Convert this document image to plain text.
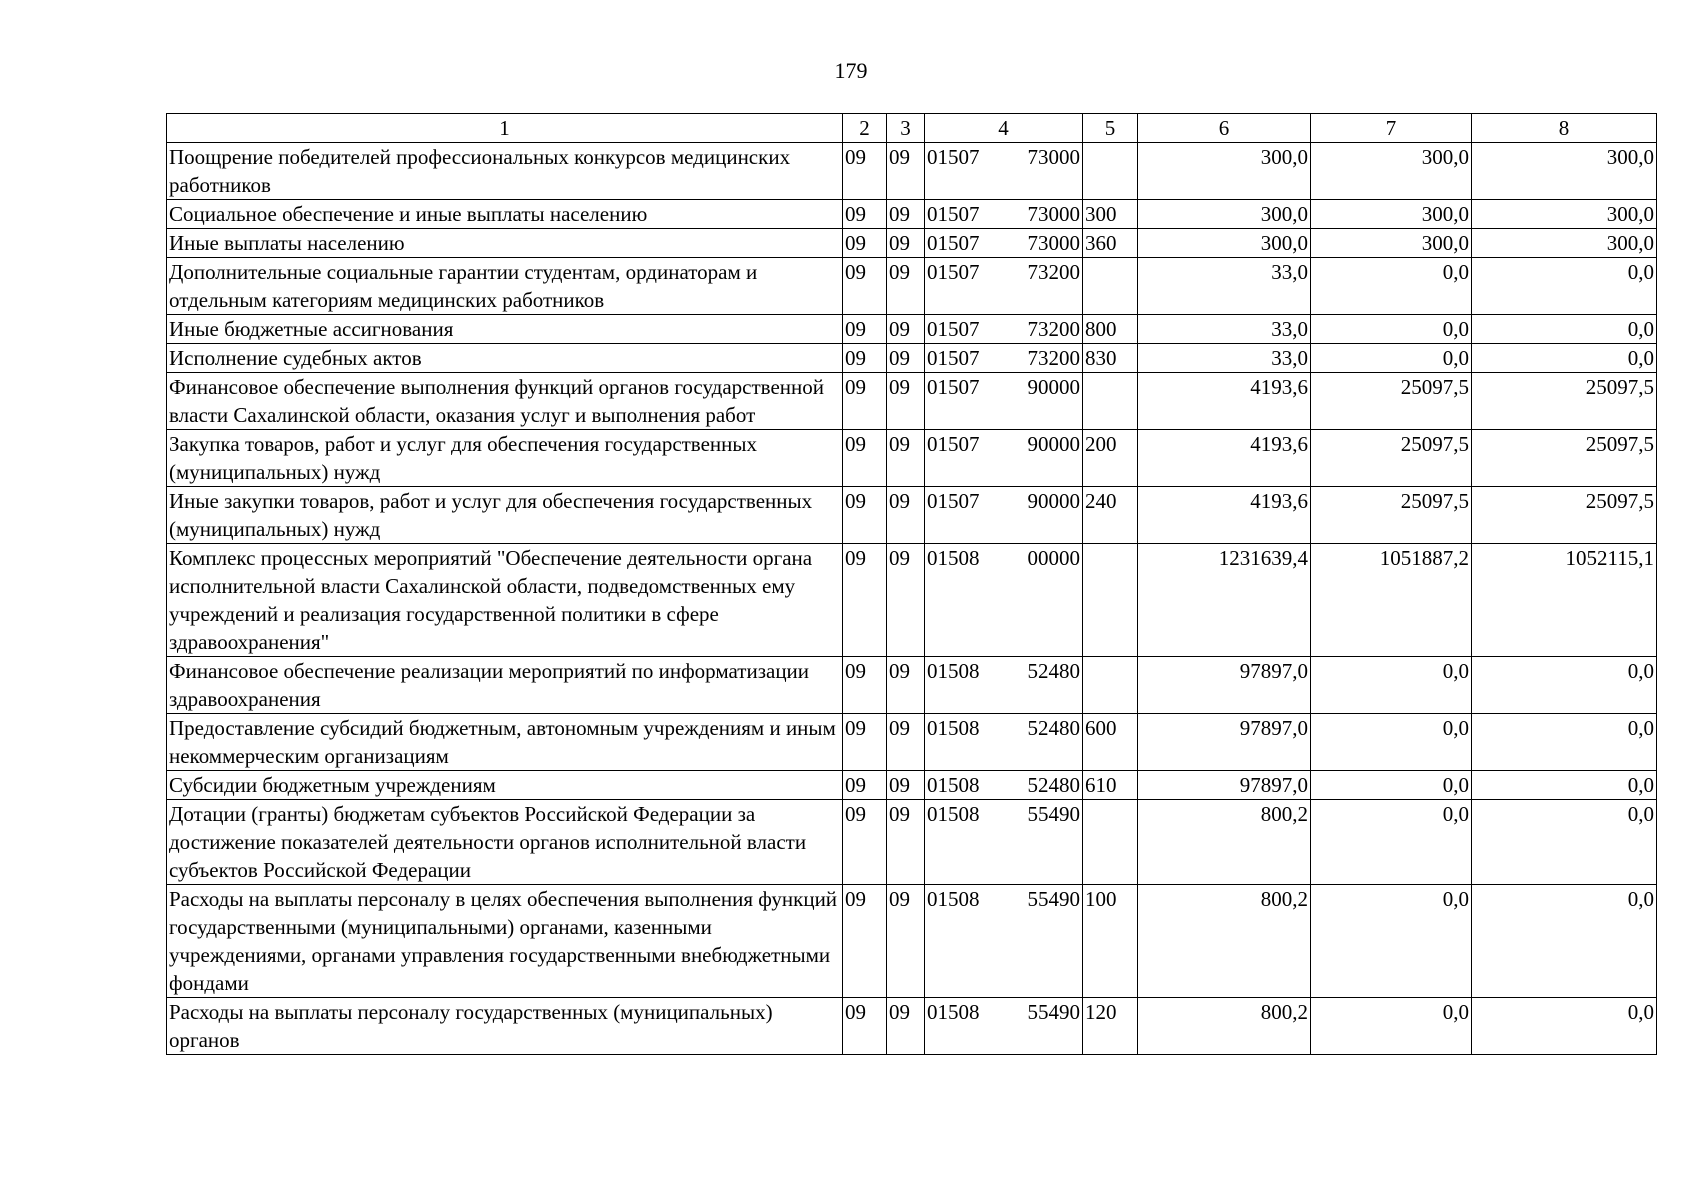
179
1	2	3	4	5	6	7	8
Поощрение победителей профессиональных конкурсов медицинских работников	09	09	01507 73000		300,0	300,0	300,0
Социальное обеспечение и иные выплаты населению	09	09	01507 73000	300	300,0	300,0	300,0
Иные выплаты населению	09	09	01507 73000	360	300,0	300,0	300,0
Дополнительные социальные гарантии студентам, ординаторам и отдельным категориям медицинских работников	09	09	01507 73200		33,0	0,0	0,0
Иные бюджетные ассигнования	09	09	01507 73200	800	33,0	0,0	0,0
Исполнение судебных актов	09	09	01507 73200	830	33,0	0,0	0,0
Финансовое обеспечение выполнения функций органов государственной власти Сахалинской области, оказания услуг и выполнения работ	09	09	01507 90000		4193,6	25097,5	25097,5
Закупка товаров, работ и услуг для обеспечения государственных (муниципальных) нужд	09	09	01507 90000	200	4193,6	25097,5	25097,5
Иные закупки товаров, работ и услуг для обеспечения государственных (муниципальных) нужд	09	09	01507 90000	240	4193,6	25097,5	25097,5
Комплекс процессных мероприятий "Обеспечение деятельности органа исполнительной власти Сахалинской области, подведомственных ему учреждений и реализация государственной политики в сфере здравоохранения"	09	09	01508 00000		1231639,4	1051887,2	1052115,1
Финансовое обеспечение реализации мероприятий по информатизации здравоохранения	09	09	01508 52480		97897,0	0,0	0,0
Предоставление субсидий бюджетным, автономным учреждениям и иным некоммерческим организациям	09	09	01508 52480	600	97897,0	0,0	0,0
Субсидии бюджетным учреждениям	09	09	01508 52480	610	97897,0	0,0	0,0
Дотации (гранты) бюджетам субъектов Российской Федерации за достижение показателей деятельности органов исполнительной власти субъектов Российской Федерации	09	09	01508 55490		800,2	0,0	0,0
Расходы на выплаты персоналу в целях обеспечения выполнения функций государственными (муниципальными) органами, казенными учреждениями, органами управления государственными внебюджетными фондами	09	09	01508 55490	100	800,2	0,0	0,0
Расходы на выплаты персоналу государственных (муниципальных) органов	09	09	01508 55490	120	800,2	0,0	0,0
